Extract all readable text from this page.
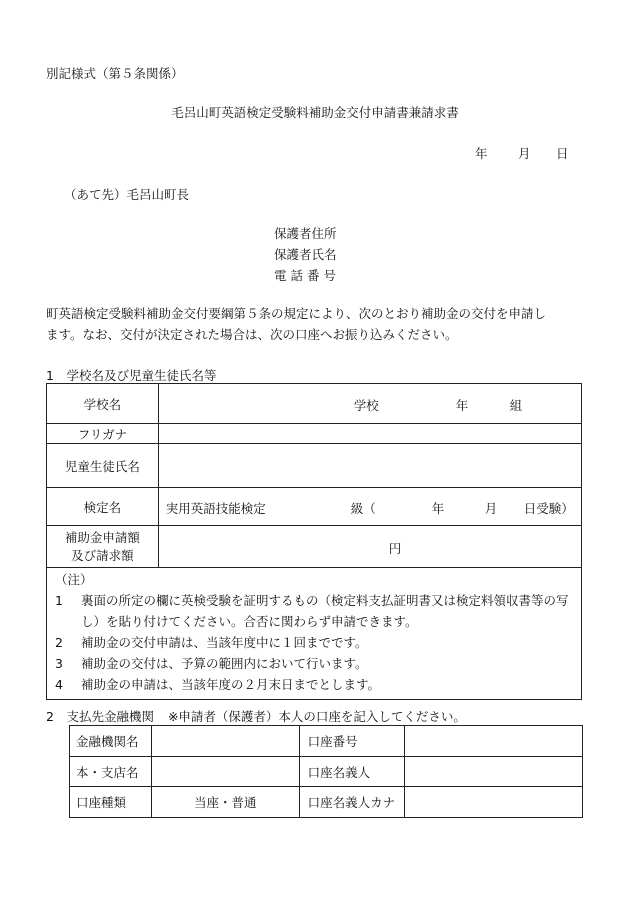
別記様式（第５条関係）
毛呂山町英語検定受験料補助金交付申請書兼請求書
年 月 日
（あて先）毛呂山町長
保護者住所
保護者氏名
電 話 番 号
町英語検定受験料補助金交付要綱第５条の規定により、次のとおり補助金の交付を申請し
ます。なお、交付が決定された場合は、次の口座へお振り込みください。
1　学校名及び児童生徒氏名等
学校名	学校 年 組

フリガナ	
児童生徒氏名	
検定名	実用英語技能検定 級（ 年 月 日受験）

補助金申請額
及び請求額	円
（注）
1	裏面の所定の欄に英検受験を証明するもの（検定料支払証明書又は検定料領収書等の写し）を貼り付けてください。合否に関わらず申請できます。
2	補助金の交付申請は、当該年度中に１回までです。
3	補助金の交付は、予算の範囲内において行います。
4	補助金の申請は、当該年度の２月末日までとします。
2　支払先金融機関 ※申請者（保護者）本人の口座を記入してください。
金融機関名		口座番号	
本・支店名		口座名義人	
口座種類	当座・普通	口座名義人カナ	
